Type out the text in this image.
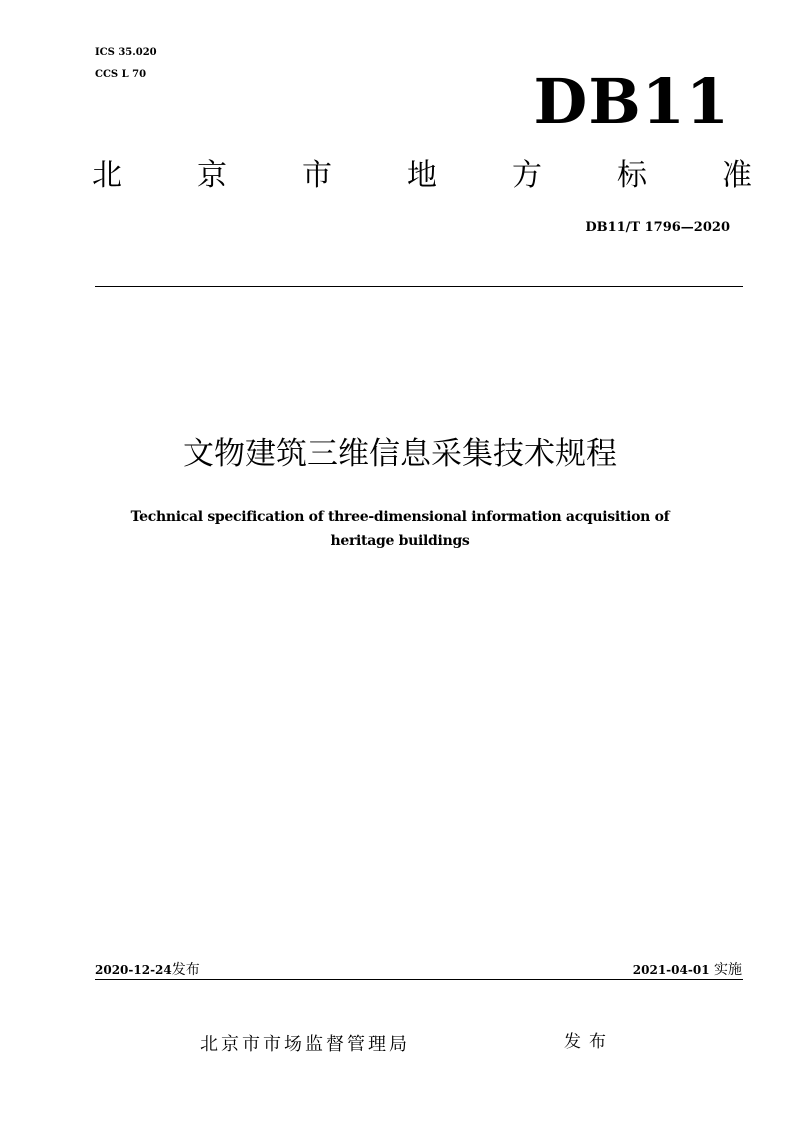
ICS 35.020
CCS L 70	DB11
北	京	市	地	方	标	准
DB11/T 1796—2020
文物建筑三维信息采集技术规程
Technical specification of three-dimensional information acquisition of
heritage buildings
2020-12-24发布	2021-04-01 实施
北京市市场监督管理局	发布
